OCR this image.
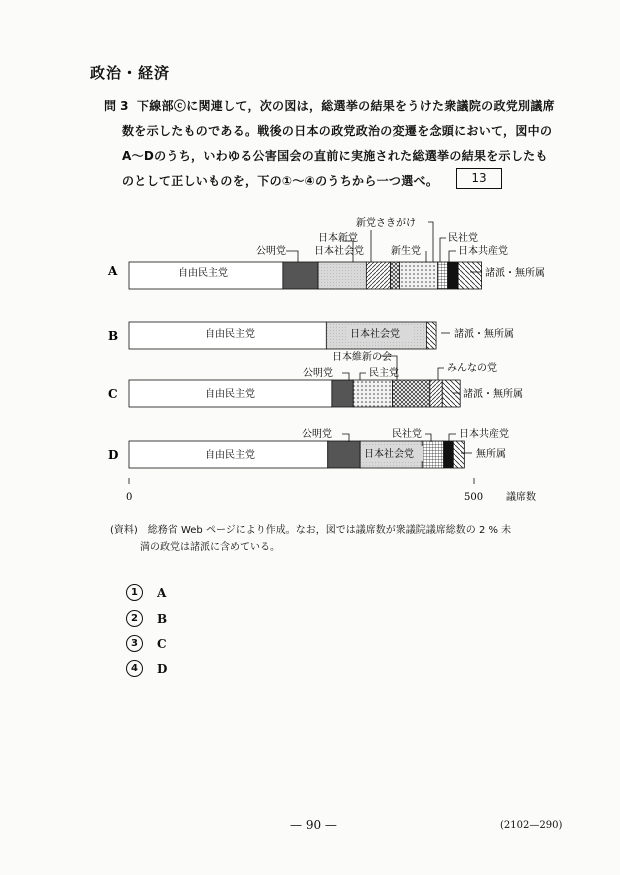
政治・経済
問 3 下線部ⓒに関連して，次の図は，総選挙の結果をうけた衆議院の政党別議席
数を示したものである。戦後の日本の政党政治の変遷を念頭において，図中の
A～Dのうち，いわゆる公害国会の直前に実施された総選挙の結果を示したも
のとして正しいものを，下の①～④のうちから一つ選べ。	13
A
B
C
D
自由民主党
自由民主党	日本社会党
自由民主党
自由民主党	日本社会党
公明党
日本新党
日本社会党
新党さきがけ
新生党
民社党
日本共産党
諸派・無所属
諸派・無所属
日本維新の会
公明党	民主党	みんなの党
諸派・無所属
公明党	民社党	日本共産党
無所属
0	500 議席数
(資料)　総務省 Web ページにより作成。なお，図では議席数が衆議院議席総数の 2 % 未
満の政党は諸派に含めている。
1	A
2	B
3	C
4	D
— 90 —	(2102—290)
